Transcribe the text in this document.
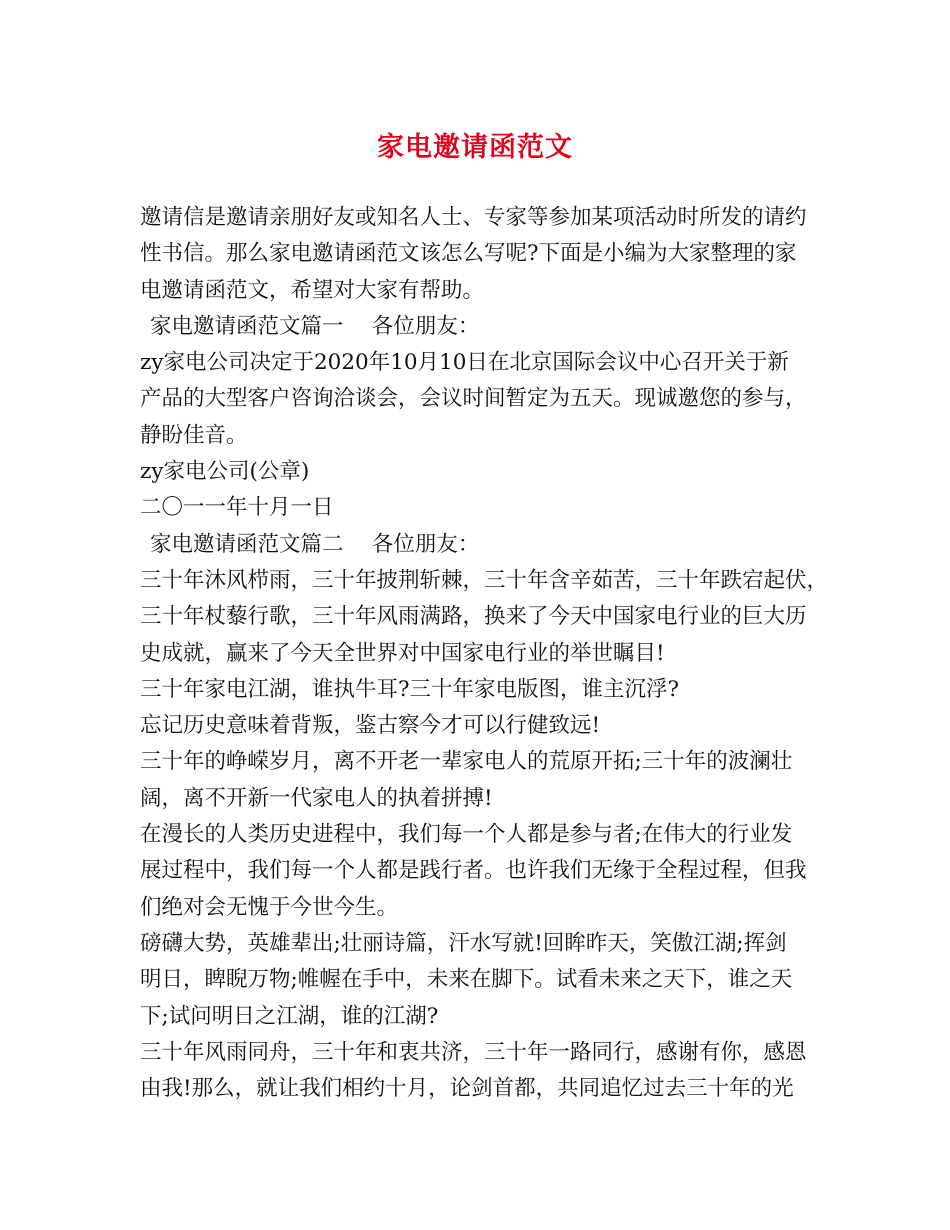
家电邀请函范文
邀请信是邀请亲朋好友或知名人士、专家等参加某项活动时所发的请约
性书信。那么家电邀请函范文该怎么写呢?下面是小编为大家整理的家
电邀请函范文，希望对大家有帮助。
家电邀请函范文篇一　 各位朋友：
zy家电公司决定于2020年10月10日在北京国际会议中心召开关于新
产品的大型客户咨询洽谈会，会议时间暂定为五天。现诚邀您的参与，
静盼佳音。
zy家电公司(公章)
二〇一一年十月一日
家电邀请函范文篇二　 各位朋友：
三十年沐风栉雨，三十年披荆斩棘，三十年含辛茹苦，三十年跌宕起伏，
三十年杖藜行歌，三十年风雨满路，换来了今天中国家电行业的巨大历
史成就，赢来了今天全世界对中国家电行业的举世瞩目!
三十年家电江湖，谁执牛耳?三十年家电版图，谁主沉浮?
忘记历史意味着背叛，鉴古察今才可以行健致远!
三十年的峥嵘岁月，离不开老一辈家电人的荒原开拓;三十年的波澜壮
阔，离不开新一代家电人的执着拼搏!
在漫长的人类历史进程中，我们每一个人都是参与者;在伟大的行业发
展过程中，我们每一个人都是践行者。也许我们无缘于全程过程，但我
们绝对会无愧于今世今生。
磅礴大势，英雄辈出;壮丽诗篇，汗水写就!回眸昨天，笑傲江湖;挥剑
明日，睥睨万物;帷幄在手中，未来在脚下。试看未来之天下，谁之天
下;试问明日之江湖，谁的江湖?
三十年风雨同舟，三十年和衷共济，三十年一路同行，感谢有你，感恩
由我!那么，就让我们相约十月，论剑首都，共同追忆过去三十年的光
